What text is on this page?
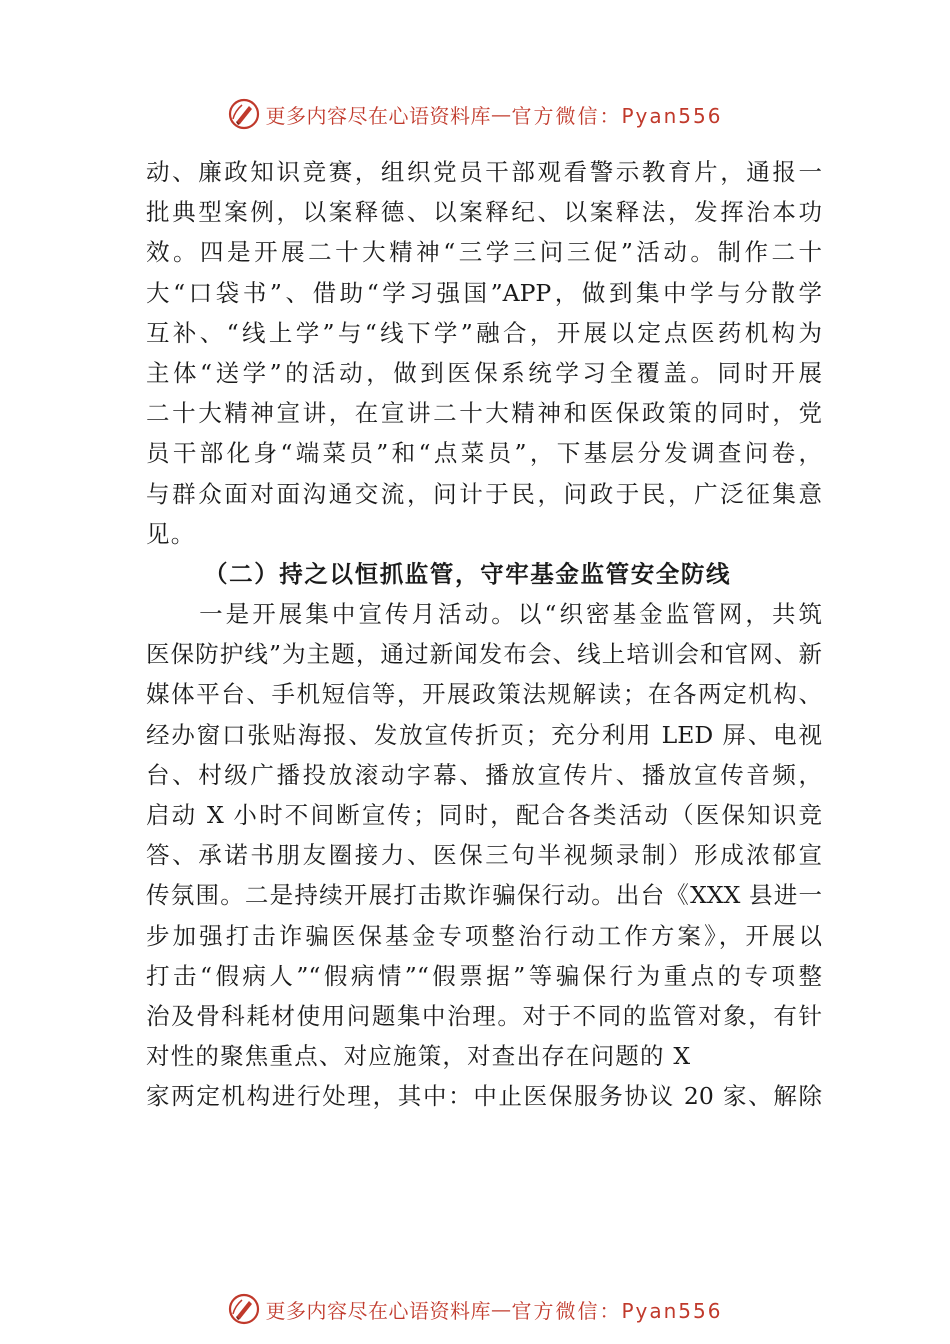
更多内容尽在心语资料库 — 官方微信：Pyan556
动、廉政知识竞赛，组织党员干部观看警示教育片，通报一
批典型案例，以案释德、以案释纪、以案释法，发挥治本功
效。四是开展二十大精神“三学三问三促”活动。制作二十
大“口袋书”、借助“学习强国”APP，做到集中学与分散学
互补、“线上学”与“线下学”融合，开展以定点医药机构为
主体“送学”的活动，做到医保系统学习全覆盖。同时开展
二十大精神宣讲，在宣讲二十大精神和医保政策的同时，党
员干部化身“端菜员”和“点菜员”，下基层分发调查问卷，
与群众面对面沟通交流，问计于民，问政于民，广泛征集意
见。
（二）持之以恒抓监管，守牢基金监管安全防线
　　一是开展集中宣传月活动。以“织密基金监管网，共筑
医保防护线”为主题，通过新闻发布会、线上培训会和官网、新
媒体平台、手机短信等，开展政策法规解读；在各两定机构、
经办窗口张贴海报、发放宣传折页；充分利用 LED 屏、电视
台、村级广播投放滚动字幕、播放宣传片、播放宣传音频，
启动 X 小时不间断宣传；同时，配合各类活动（医保知识竞
答、承诺书朋友圈接力、医保三句半视频录制）形成浓郁宣
传氛围。二是持续开展打击欺诈骗保行动。出台《XXX 县进一
步加强打击诈骗医保基金专项整治行动工作方案》，开展以
打击“假病人”“假病情”“假票据”等骗保行为重点的专项整
治及骨科耗材使用问题集中治理。对于不同的监管对象，有针
对性的聚焦重点、对应施策，对查出存在问题的 X
家两定机构进行处理，其中：中止医保服务协议 20 家、解除
更多内容尽在心语资料库 — 官方微信：Pyan556
